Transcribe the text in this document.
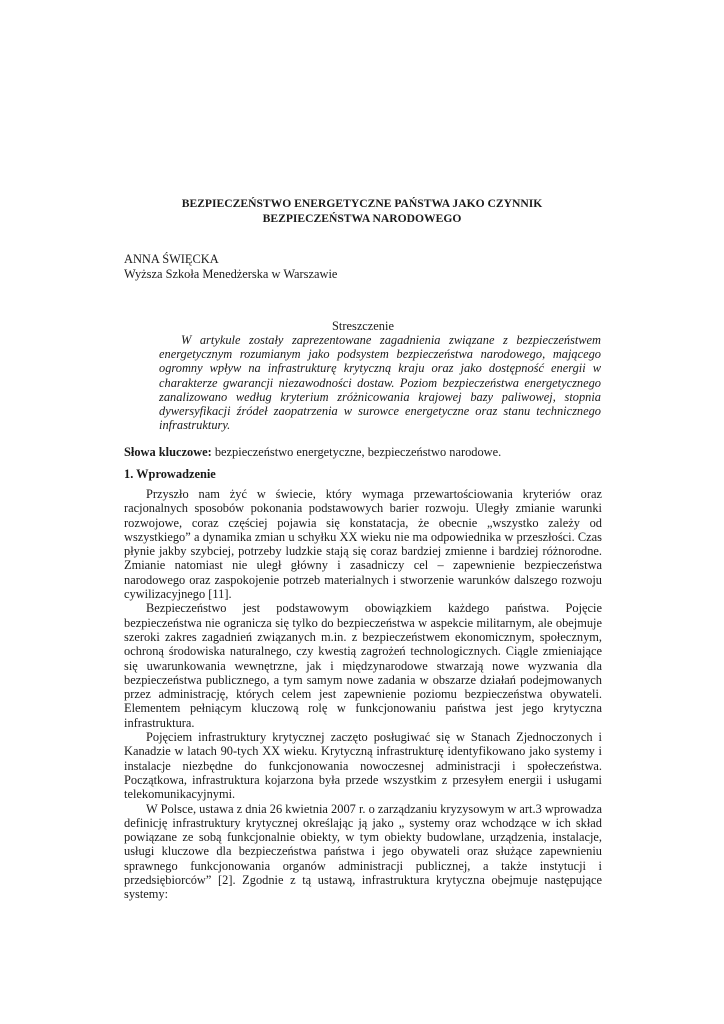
BEZPIECZEŃSTWO ENERGETYCZNE PAŃSTWA JAKO CZYNNIK
BEZPIECZEŃSTWA NARODOWEGO
ANNA ŚWIĘCKA
Wyższa Szkoła Menedżerska w Warszawie
Streszczenie
W artykule zostały zaprezentowane zagadnienia związane z bezpieczeństwem energetycznym rozumianym jako podsystem bezpieczeństwa narodowego, mającego ogromny wpływ na infrastrukturę krytyczną kraju oraz jako dostępność energii w charakterze gwarancji niezawodności dostaw. Poziom bezpieczeństwa energetycznego zanalizowano według kryterium zróżnicowania krajowej bazy paliwowej, stopnia dywersyfikacji źródeł zaopatrzenia w surowce energetyczne oraz stanu technicznego infrastruktury.
Słowa kluczowe: bezpieczeństwo energetyczne, bezpieczeństwo narodowe.
1. Wprowadzenie

Przyszło nam żyć w świecie, który wymaga przewartościowania kryteriów oraz racjonalnych sposobów pokonania podstawowych barier rozwoju. Uległy zmianie warunki rozwojowe, coraz częściej pojawia się konstatacja, że obecnie „wszystko zależy od wszystkiego” a dynamika zmian u schyłku XX wieku nie ma odpowiednika w przeszłości. Czas płynie jakby szybciej, potrzeby ludzkie stają się coraz bardziej zmienne i bardziej różnorodne. Zmianie natomiast nie uległ główny i zasadniczy cel – zapewnienie bezpieczeństwa narodowego oraz zaspokojenie potrzeb materialnych i stworzenie warunków dalszego rozwoju cywilizacyjnego [11].

Bezpieczeństwo jest podstawowym obowiązkiem każdego państwa. Pojęcie bezpieczeństwa nie ogranicza się tylko do bezpieczeństwa w aspekcie militarnym, ale obejmuje szeroki zakres zagadnień związanych m.in. z bezpieczeństwem ekonomicznym, społecznym, ochroną środowiska naturalnego, czy kwestią zagrożeń technologicznych. Ciągle zmieniające się uwarunkowania wewnętrzne, jak i międzynarodowe stwarzają nowe wyzwania dla bezpieczeństwa publicznego, a tym samym nowe zadania w obszarze działań podejmowanych przez administrację, których celem jest zapewnienie poziomu bezpieczeństwa obywateli. Elementem pełniącym kluczową rolę w funkcjonowaniu państwa jest jego krytyczna infrastruktura.

Pojęciem infrastruktury krytycznej zaczęto posługiwać się w Stanach Zjednoczonych i Kanadzie w latach 90-tych XX wieku. Krytyczną infrastrukturę identyfikowano jako systemy i instalacje niezbędne do funkcjonowania nowoczesnej administracji i społeczeństwa. Początkowa, infrastruktura kojarzona była przede wszystkim z przesyłem energii i usługami telekomunikacyjnymi.

W Polsce, ustawa z dnia 26 kwietnia 2007 r. o zarządzaniu kryzysowym w art.3 wprowadza definicję infrastruktury krytycznej określając ją jako „ systemy oraz wchodzące w ich skład powiązane ze sobą funkcjonalnie obiekty, w tym obiekty budowlane, urządzenia, instalacje, usługi kluczowe dla bezpieczeństwa państwa i jego obywateli oraz służące zapewnieniu sprawnego funkcjonowania organów administracji publicznej, a także instytucji i przedsiębiorców” [2]. Zgodnie z tą ustawą, infrastruktura krytyczna obejmuje następujące systemy:
